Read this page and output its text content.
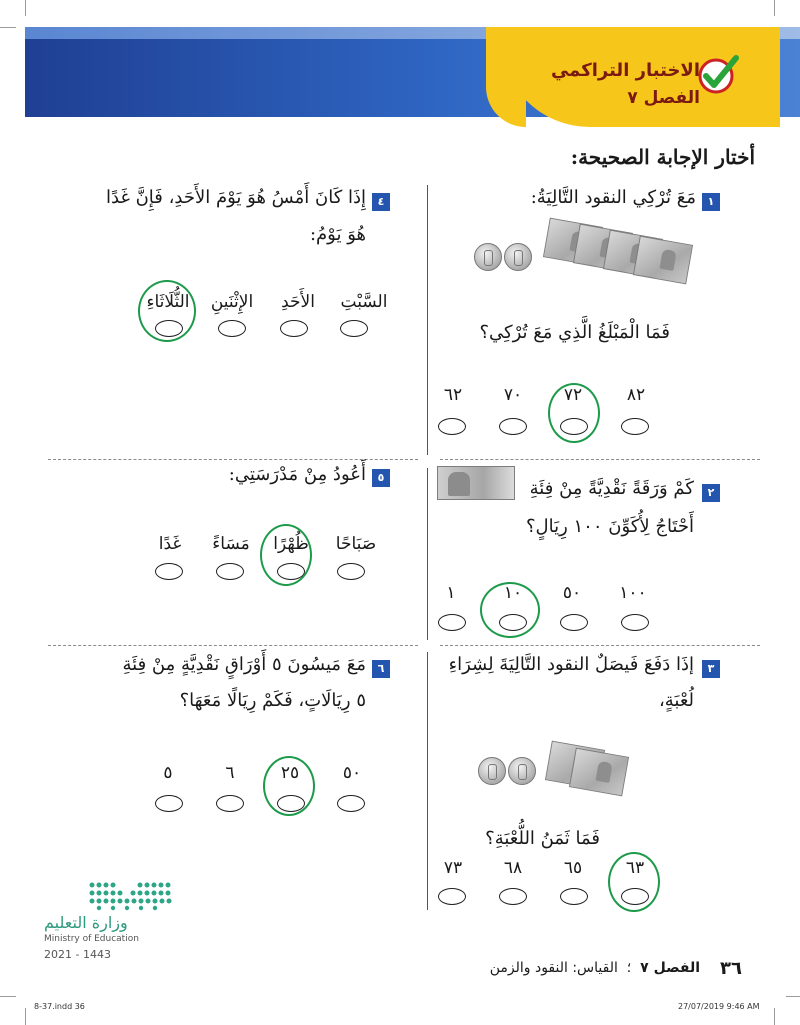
الاختبار التراكمي
الفصل ٧
أختار الإجابة الصحيحة:
١
مَعَ تُرْكِي النقود التَّالِيَةُ:
فَمَا الْمَبْلَغُ الَّذِي مَعَ تُرْكِي؟
٨٢
٧٢
٧٠
٦٢
٢
كَمْ وَرَقَةً نَقْدِيَّةً مِنْ فِئَةِ
أَحْتَاجُ لِأُكَوِّنَ ١٠٠ رِيَالٍ؟
١٠٠
٥٠
١٠
١
٣
إذَا دَفَعَ فَيصَلٌ النقود التَّالِيَةَ لِشِرَاءِ
لُعْبَةٍ،
فَمَا ثَمَنُ اللُّعْبَةِ؟
٦٣
٦٥
٦٨
٧٣
٤
إِذَا كَانَ أَمْسُ هُوَ يَوْمَ الأَحَدِ، فَإِنَّ غَدًا
هُوَ يَوْمُ:
السَّبْتِ
الأَحَدِ
الإِثْنَينِ
الثُّلَاثَاءِ
٥
أَعُودُ مِنْ مَدْرَسَتِي:
صَبَاحًا
ظُهْرًا
مَسَاءً
غَدًا
٦
مَعَ مَيسُونَ ٥ أَوْرَاقٍ نَقْدِيَّةٍ مِنْ فِئَةِ
٥ رِيَالَاتٍ، فَكَمْ رِيَالًا مَعَهَا؟
٥٠
٢٥
٦
٥
وزارة التعليم
Ministry of Education
2021 - 1443
٣٦
الفصل ٧  ؛  القياس: النقود والزمن
8-37.indd 36	27/07/2019 9:46 AM
